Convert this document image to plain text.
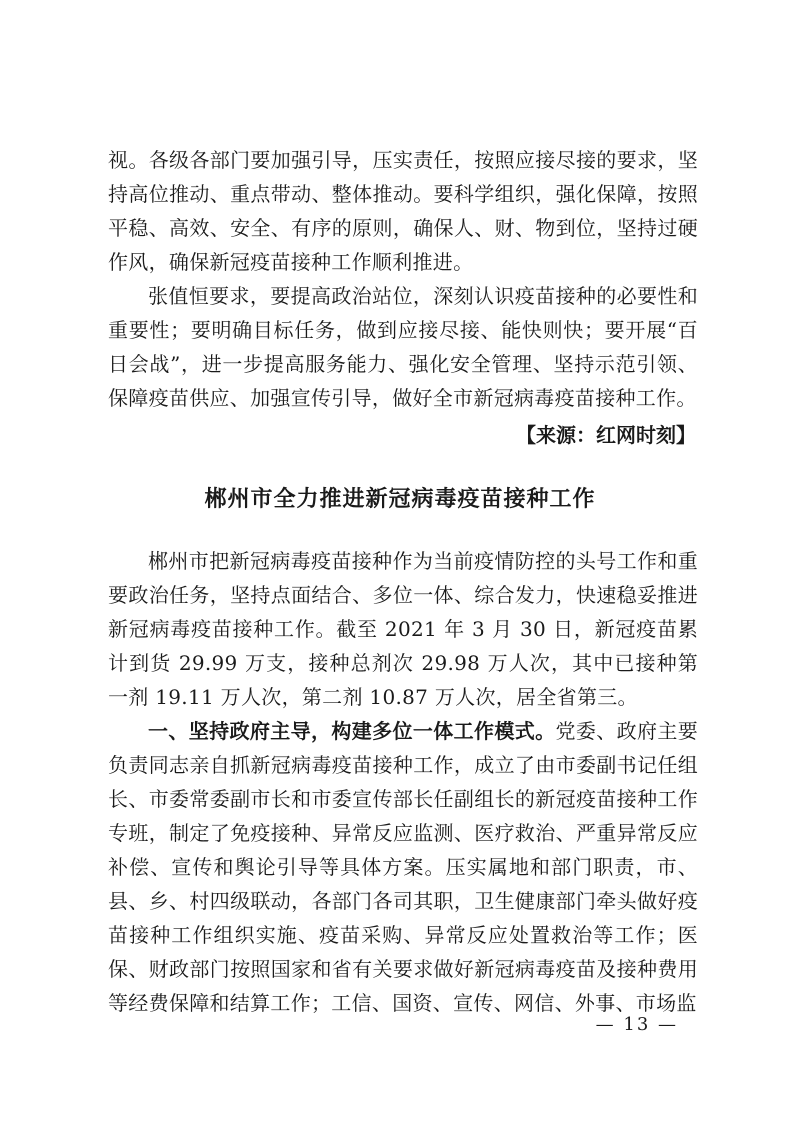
视。各级各部门要加强引导，压实责任，按照应接尽接的要求，坚持高位推动、重点带动、整体推动。要科学组织，强化保障，按照平稳、高效、安全、有序的原则，确保人、财、物到位，坚持过硬作风，确保新冠疫苗接种工作顺利推进。

张值恒要求，要提高政治站位，深刻认识疫苗接种的必要性和重要性；要明确目标任务，做到应接尽接、能快则快；要开展“百日会战”，进一步提高服务能力、强化安全管理、坚持示范引领、保障疫苗供应、加强宣传引导，做好全市新冠病毒疫苗接种工作。

【来源：红网时刻】
郴州市全力推进新冠病毒疫苗接种工作

郴州市把新冠病毒疫苗接种作为当前疫情防控的头号工作和重要政治任务，坚持点面结合、多位一体、综合发力，快速稳妥推进新冠病毒疫苗接种工作。截至 2021 年 3 月 30 日，新冠疫苗累计到货 29.99 万支，接种总剂次 29.98 万人次，其中已接种第一剂 19.11 万人次，第二剂 10.87 万人次，居全省第三。

一、坚持政府主导，构建多位一体工作模式。党委、政府主要负责同志亲自抓新冠病毒疫苗接种工作，成立了由市委副书记任组长、市委常委副市长和市委宣传部长任副组长的新冠疫苗接种工作专班，制定了免疫接种、异常反应监测、医疗救治、严重异常反应补偿、宣传和舆论引导等具体方案。压实属地和部门职责，市、县、乡、村四级联动，各部门各司其职，卫生健康部门牵头做好疫苗接种工作组织实施、疫苗采购、异常反应处置救治等工作；医保、财政部门按照国家和省有关要求做好新冠病毒疫苗及接种费用等经费保障和结算工作；工信、国资、宣传、网信、外事、市场监

— 13 —
